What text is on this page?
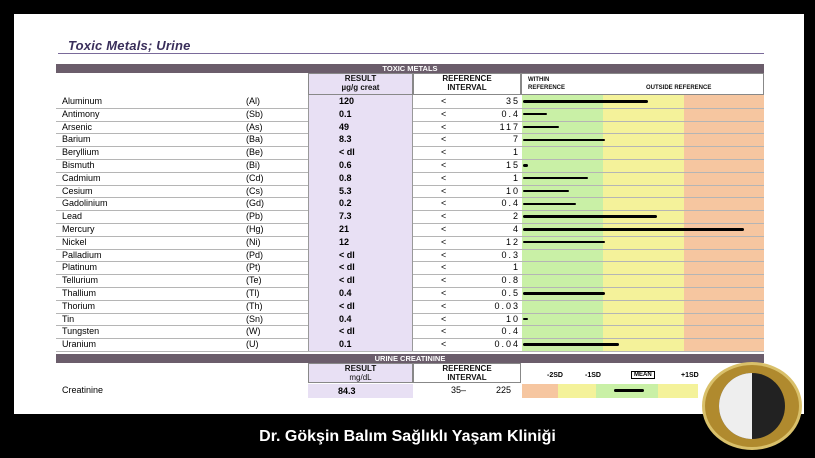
Toxic Metals; Urine
TOXIC METALS
RESULT
µg/g creat
REFERENCE
INTERVAL
WITHIN
REFERENCE	OUTSIDE REFERENCE
Aluminum	(Al)	120	<	35
Antimony	(Sb)	0.1	<	0.4
Arsenic	(As)	49	<	117
Barium	(Ba)	8.3	<	7
Beryllium	(Be)	< dl	<	1
Bismuth	(Bi)	0.6	<	15
Cadmium	(Cd)	0.8	<	1
Cesium	(Cs)	5.3	<	10
Gadolinium	(Gd)	0.2	<	0.4
Lead	(Pb)	7.3	<	2
Mercury	(Hg)	21	<	4
Nickel	(Ni)	12	<	12
Palladium	(Pd)	< dl	<	0.3
Platinum	(Pt)	< dl	<	1
Tellurium	(Te)	< dl	<	0.8
Thallium	(Tl)	0.4	<	0.5
Thorium	(Th)	< dl	<	0.03
Tin	(Sn)	0.4	<	10
Tungsten	(W)	< dl	<	0.4
Uranium	(U)	0.1	<	0.04
URINE CREATININE
RESULT
mg/dL
REFERENCE
INTERVAL	-2SD	-1SD	MEAN	+1SD
Creatinine	84.3	35–	225
Dr. Gökşin Balım Sağlıklı Yaşam Kliniği
